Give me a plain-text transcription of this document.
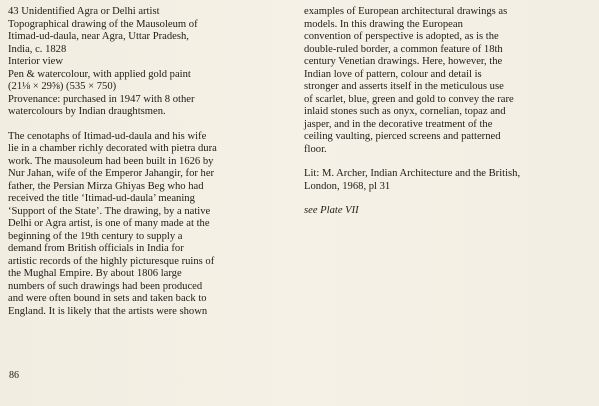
43 Unidentified Agra or Delhi artist
Topographical drawing of the Mausoleum of
Itimad-ud-daula, near Agra, Uttar Pradesh,
India, c. 1828
Interior view
Pen & watercolour, with applied gold paint
(21⅛ × 29⅝) (535 × 750)
Provenance: purchased in 1947 with 8 other
watercolours by Indian draughtsmen.
The cenotaphs of Itimad-ud-daula and his wife
lie in a chamber richly decorated with pietra dura
work. The mausoleum had been built in 1626 by
Nur Jahan, wife of the Emperor Jahangir, for her
father, the Persian Mirza Ghiyas Beg who had
received the title ‘Itimad-ud-daula’ meaning
‘Support of the State’. The drawing, by a native
Delhi or Agra artist, is one of many made at the
beginning of the 19th century to supply a
demand from British officials in India for
artistic records of the highly picturesque ruins of
the Mughal Empire. By about 1806 large
numbers of such drawings had been produced
and were often bound in sets and taken back to
England. It is likely that the artists were shown
examples of European architectural drawings as
models. In this drawing the European
convention of perspective is adopted, as is the
double-ruled border, a common feature of 18th
century Venetian drawings. Here, however, the
Indian love of pattern, colour and detail is
stronger and asserts itself in the meticulous use
of scarlet, blue, green and gold to convey the rare
inlaid stones such as onyx, cornelian, topaz and
jasper, and in the decorative treatment of the
ceiling vaulting, pierced screens and patterned
floor.
Lit: M. Archer, Indian Architecture and the British,
London, 1968, pl 31
see Plate VII
86
